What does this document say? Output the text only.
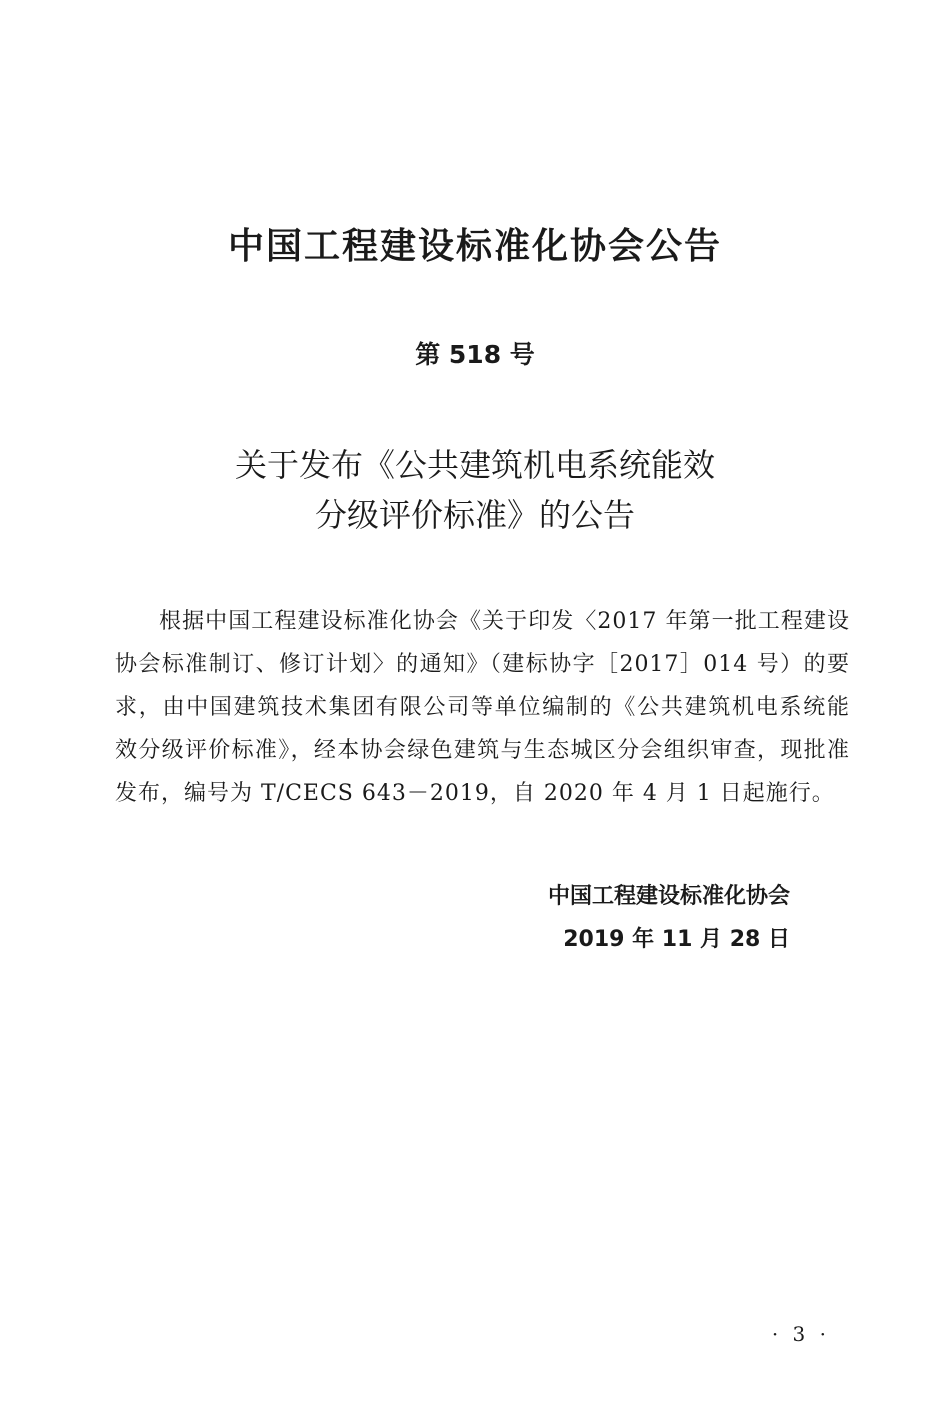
中国工程建设标准化协会公告
第 518 号
关于发布《公共建筑机电系统能效
分级评价标准》的公告
根据中国工程建设标准化协会《关于印发〈2017 年第一批工程建设协会标准制订、修订计划〉的通知》（建标协字［2017］014 号）的要求，由中国建筑技术集团有限公司等单位编制的《公共建筑机电系统能效分级评价标准》，经本协会绿色建筑与生态城区分会组织审查，现批准发布，编号为 T/CECS 643－2019，自 2020 年 4 月 1 日起施行。
中国工程建设标准化协会
2019 年 11 月 28 日
· 3 ·
